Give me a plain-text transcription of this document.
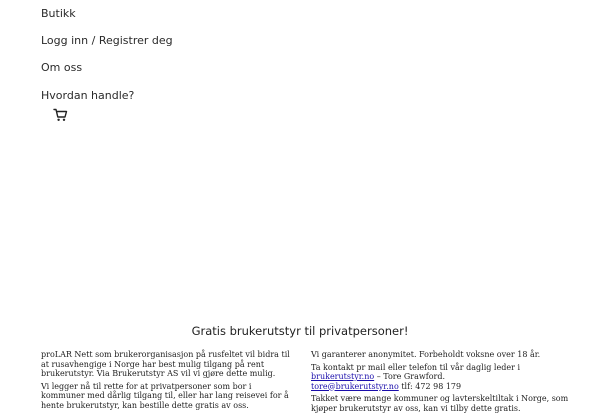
Butikk
Logg inn / Registrer deg
Om oss
Hvordan handle?
Gratis brukerutstyr til privatpersoner!

proLAR Nett som brukerorganisasjon på rusfeltet vil bidra til at rusavhengige i Norge har best mulig tilgang på rent brukerutstyr. Via Brukerutstyr AS vil vi gjøre dette mulig.

Vi legger nå til rette for at privatpersoner som bor i kommuner med dårlig tilgang til, eller har lang reisevei for å hente brukerutstyr, kan bestille dette gratis av oss.

Vi garanterer anonymitet. Forbeholdt voksne over 18 år.

Ta kontakt pr mail eller telefon til vår daglig leder i brukerutstyr.no – Tore Grawford.
tore@brukerutstyr.no tlf: 472 98 179

Takket være mange kommuner og lavterskeltiltak i Norge, som kjøper brukerutstyr av oss, kan vi tilby dette gratis.
